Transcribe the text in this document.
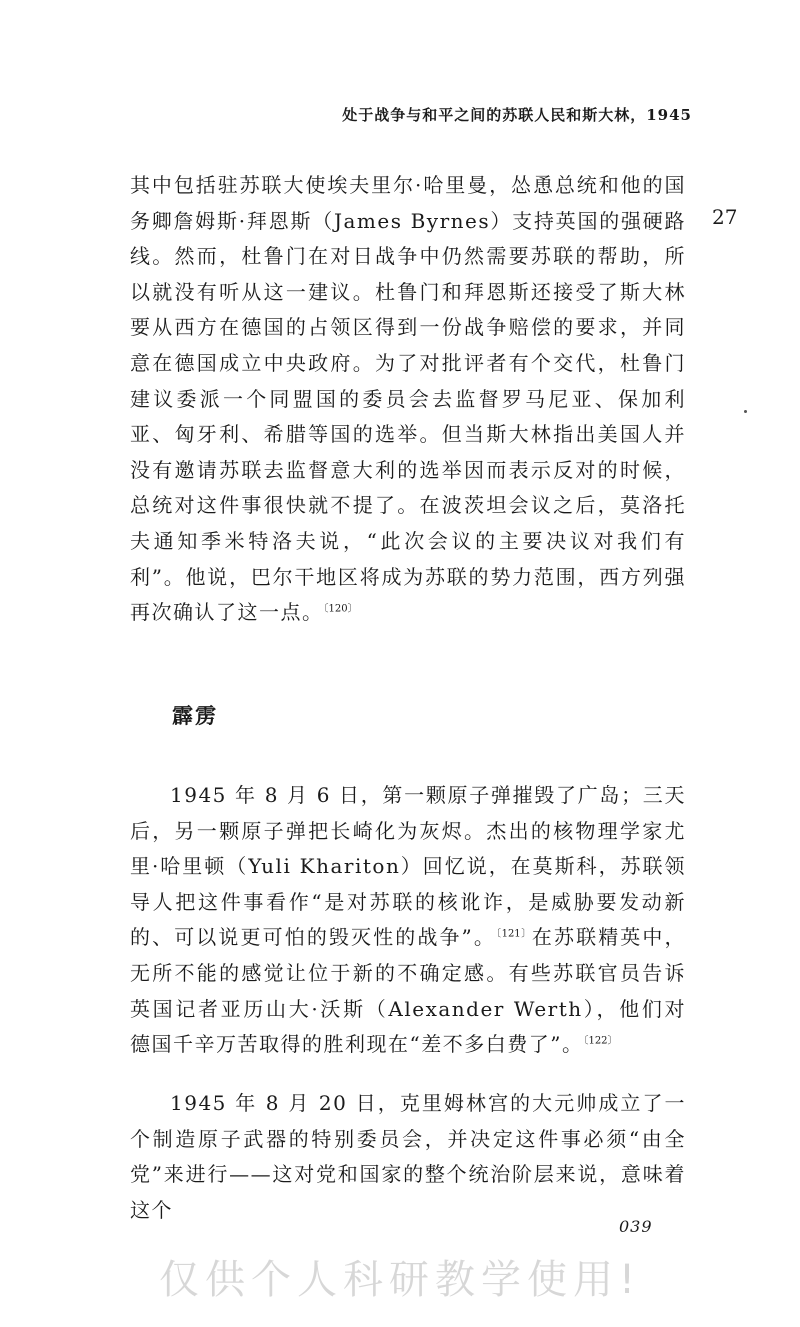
处于战争与和平之间的苏联人民和斯大林，1945

其中包括驻苏联大使埃夫里尔·哈里曼，怂恿总统和他的国务卿詹姆斯·拜恩斯（James Byrnes）支持英国的强硬路线。然而，杜鲁门在对日战争中仍然需要苏联的帮助，所以就没有听从这一建议。杜鲁门和拜恩斯还接受了斯大林要从西方在德国的占领区得到一份战争赔偿的要求，并同意在德国成立中央政府。为了对批评者有个交代，杜鲁门建议委派一个同盟国的委员会去监督罗马尼亚、保加利亚、匈牙利、希腊等国的选举。但当斯大林指出美国人并没有邀请苏联去监督意大利的选举因而表示反对的时候，总统对这件事很快就不提了。在波茨坦会议之后，莫洛托夫通知季米特洛夫说，“此次会议的主要决议对我们有利”。他说，巴尔干地区将成为苏联的势力范围，西方列强再次确认了这一点。$^{〔120〕}$

27
霹雳

1945 年 8 月 6 日，第一颗原子弹摧毁了广岛；三天后，另一颗原子弹把长崎化为灰烬。杰出的核物理学家尤里·哈里顿（Yuli Khariton）回忆说，在莫斯科，苏联领导人把这件事看作“是对苏联的核讹诈，是威胁要发动新的、可以说更可怕的毁灭性的战争”。$^{〔121〕}$在苏联精英中，无所不能的感觉让位于新的不确定感。有些苏联官员告诉英国记者亚历山大·沃斯（Alexander Werth），他们对德国千辛万苦取得的胜利现在“差不多白费了”。$^{〔122〕}$

1945 年 8 月 20 日，克里姆林宫的大元帅成立了一个制造原子武器的特别委员会，并决定这件事必须“由全党”来进行——这对党和国家的整个统治阶层来说，意味着这个

039
仅供个人科研教学使用!
